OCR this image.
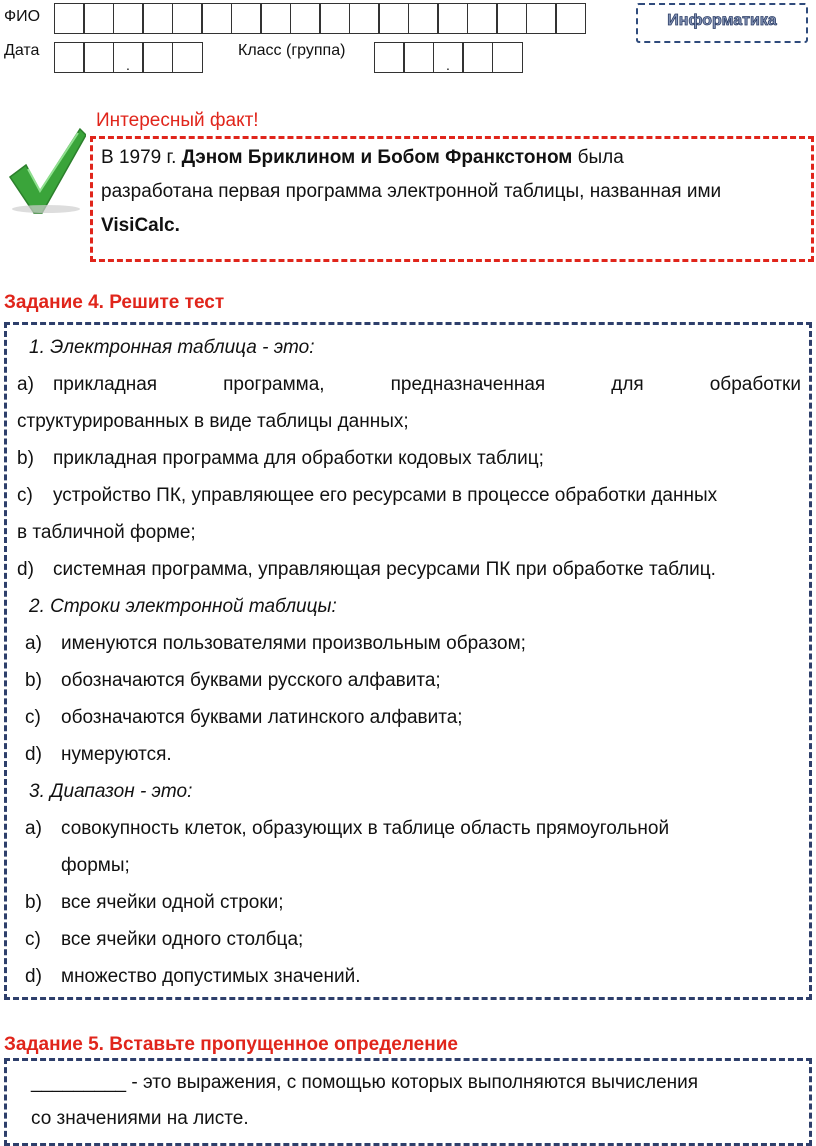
ФИО
Дата
.	Класс (группа)
.
Информатика
Интересный факт!
В 1979 г. Дэном Бриклином и Бобом Франкстоном была
разработана первая программа электронной таблицы, названная ими
VisiCalc.
Задание 4. Решите тест
1. Электронная таблица - это:
a)	прикладная программа, предназначенная для обработки
структурированных в виде таблицы данных;
b)	прикладная программа для обработки кодовых таблиц;
c)	устройство ПК, управляющее его ресурсами в процессе обработки данных
в табличной форме;
d)	системная программа, управляющая ресурсами ПК при обработке таблиц.
2. Строки электронной таблицы:
a)	именуются пользователями произвольным образом;
b)	обозначаются буквами русского алфавита;
c)	обозначаются буквами латинского алфавита;
d)	нумеруются.
3. Диапазон - это:
a)	совокупность клеток, образующих в таблице область прямоугольной
формы;
b)	все ячейки одной строки;
c)	все ячейки одного столбца;
d)	множество допустимых значений.
Задание 5. Вставьте пропущенное определение
_________ - это выражения, с помощью которых выполняются вычисления
со значениями на листе.
